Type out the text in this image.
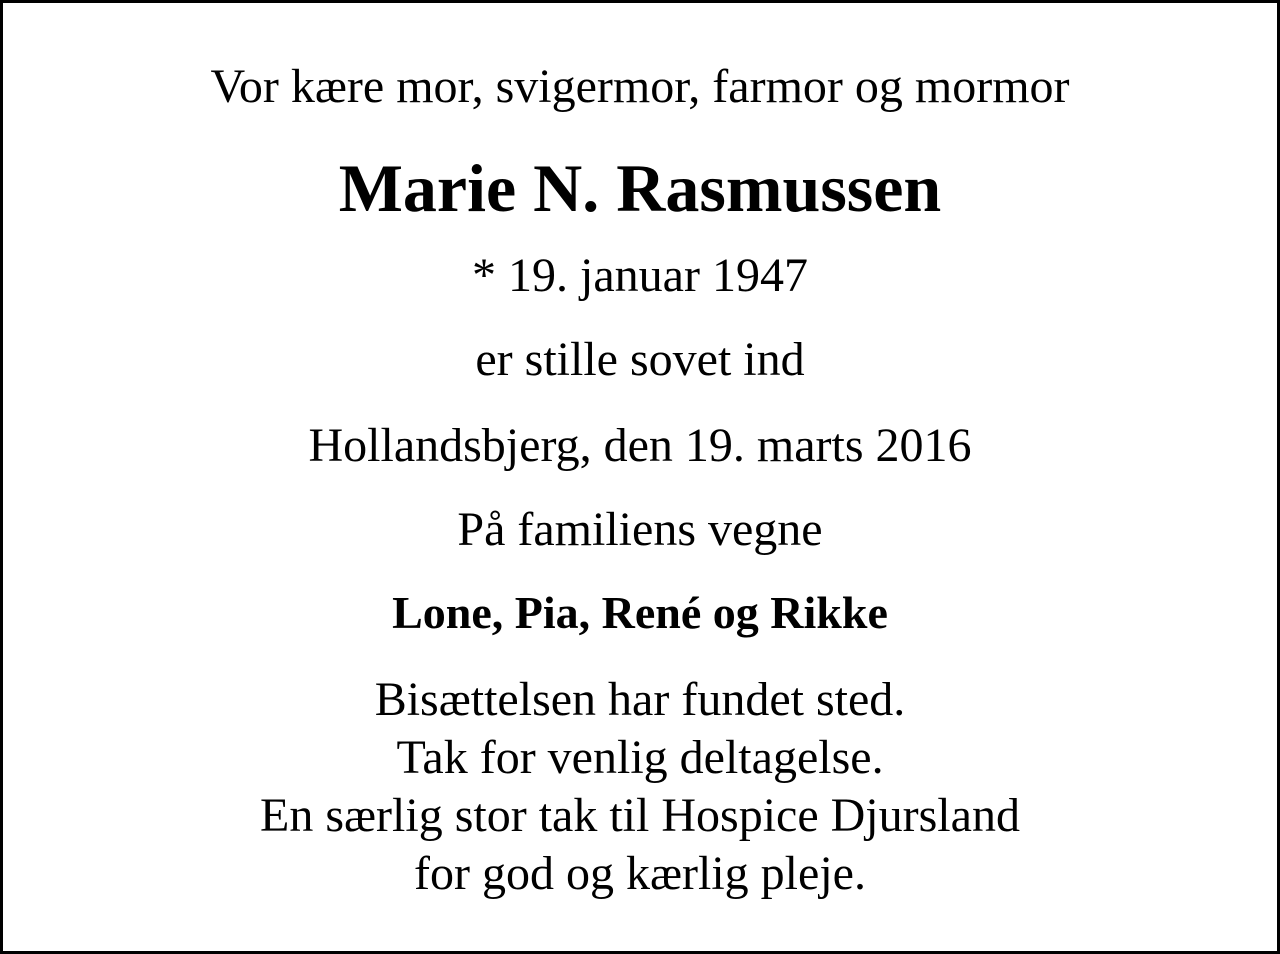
Vor kære mor, svigermor, farmor og mormor
Marie N. Rasmussen
* 19. januar 1947
er stille sovet ind
Hollandsbjerg, den 19. marts 2016
På familiens vegne
Lone, Pia, René og Rikke
Bisættelsen har fundet sted.
Tak for venlig deltagelse.
En særlig stor tak til Hospice Djursland
for god og kærlig pleje.
